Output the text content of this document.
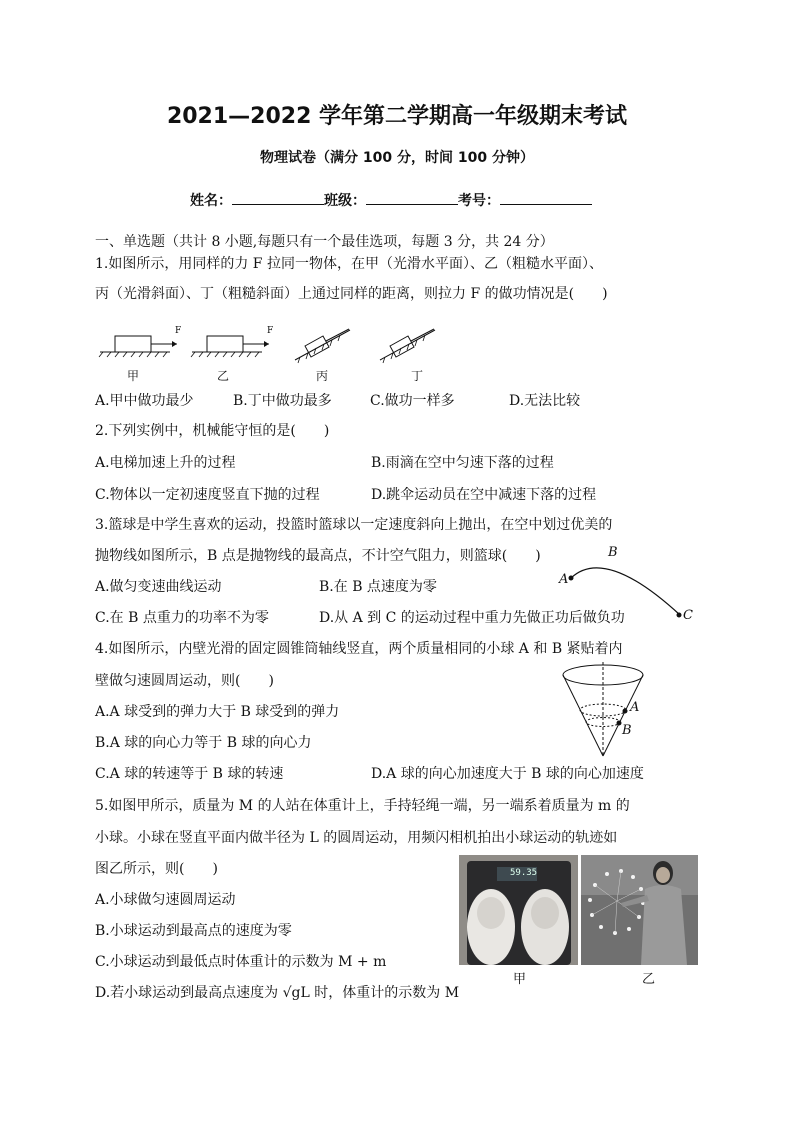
2021—2022 学年第二学期高一年级期末考试
物理试卷（满分 100 分，时间 100 分钟）
姓名：	班级：	考号：
一、单选题（共计 8 小题,每题只有一个最佳选项，每题 3 分，共 24 分）
1.如图所示，用同样的力 F 拉同一物体，在甲（光滑水平面）、乙（粗糙水平面）、
丙（光滑斜面）、丁（粗糙斜面）上通过同样的距离，则拉力 F 的做功情况是(　　)
F	F
甲	乙	丙	丁
A.甲中做功最少	B.丁中做功最多	C.做功一样多	D.无法比较
2.下列实例中，机械能守恒的是(　　)
A.电梯加速上升的过程	B.雨滴在空中匀速下落的过程
C.物体以一定初速度竖直下抛的过程	D.跳伞运动员在空中减速下落的过程
3.篮球是中学生喜欢的运动，投篮时篮球以一定速度斜向上抛出，在空中划过优美的
抛物线如图所示，B 点是抛物线的最高点，不计空气阻力，则篮球(　　)
A.做匀变速曲线运动	B.在 B 点速度为零
C.在 B 点重力的功率不为零	D.从 A 到 C 的运动过程中重力先做正功后做负功
A
B
C
4.如图所示，内壁光滑的固定圆锥筒轴线竖直，两个质量相同的小球 A 和 B 紧贴着内
壁做匀速圆周运动，则(　　)
A.A 球受到的弹力大于 B 球受到的弹力
B.A 球的向心力等于 B 球的向心力
C.A 球的转速等于 B 球的转速	D.A 球的向心加速度大于 B 球的向心加速度
A
B
5.如图甲所示，质量为 M 的人站在体重计上，手持轻绳一端，另一端系着质量为 m 的
小球。小球在竖直平面内做半径为 L 的圆周运动，用频闪相机拍出小球运动的轨迹如
图乙所示，则(　　)
A.小球做匀速圆周运动
B.小球运动到最高点的速度为零
C.小球运动到最低点时体重计的示数为 M + m
D.若小球运动到最高点速度为 √gL 时，体重计的示数为 M
59.35
甲	乙
